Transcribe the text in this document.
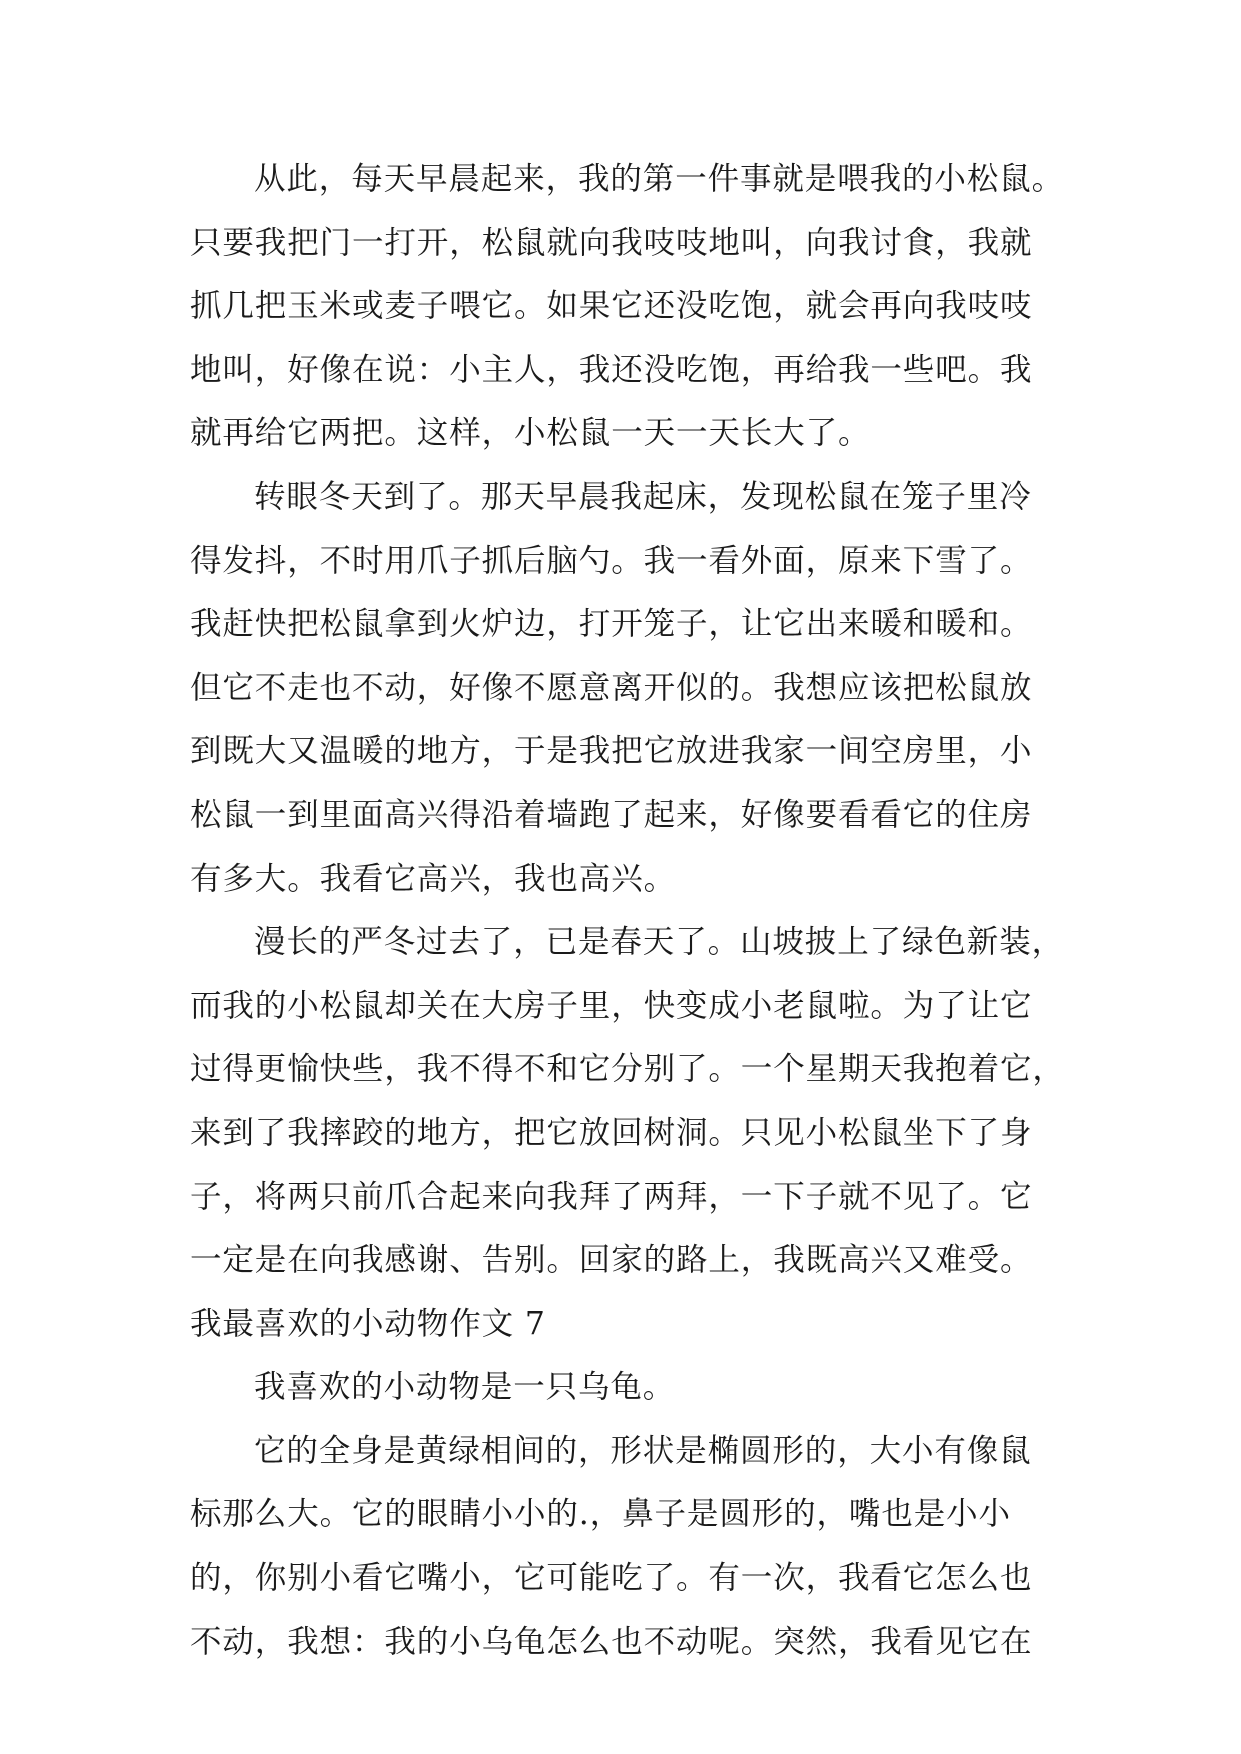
从此，每天早晨起来，我的第一件事就是喂我的小松鼠。
只要我把门一打开，松鼠就向我吱吱地叫，向我讨食，我就
抓几把玉米或麦子喂它。如果它还没吃饱，就会再向我吱吱
地叫，好像在说：小主人，我还没吃饱，再给我一些吧。我
就再给它两把。这样，小松鼠一天一天长大了。
转眼冬天到了。那天早晨我起床，发现松鼠在笼子里冷
得发抖，不时用爪子抓后脑勺。我一看外面，原来下雪了。
我赶快把松鼠拿到火炉边，打开笼子，让它出来暖和暖和。
但它不走也不动，好像不愿意离开似的。我想应该把松鼠放
到既大又温暖的地方，于是我把它放进我家一间空房里，小
松鼠一到里面高兴得沿着墙跑了起来，好像要看看它的住房
有多大。我看它高兴，我也高兴。
漫长的严冬过去了，已是春天了。山坡披上了绿色新装，
而我的小松鼠却关在大房子里，快变成小老鼠啦。为了让它
过得更愉快些，我不得不和它分别了。一个星期天我抱着它，
来到了我摔跤的地方，把它放回树洞。只见小松鼠坐下了身
子，将两只前爪合起来向我拜了两拜，一下子就不见了。它
一定是在向我感谢、告别。回家的路上，我既高兴又难受。
我最喜欢的小动物作文 7
我喜欢的小动物是一只乌龟。
它的全身是黄绿相间的，形状是椭圆形的，大小有像鼠
标那么大。它的眼睛小小的.，鼻子是圆形的，嘴也是小小
的，你别小看它嘴小，它可能吃了。有一次，我看它怎么也
不动，我想：我的小乌龟怎么也不动呢。突然，我看见它在
